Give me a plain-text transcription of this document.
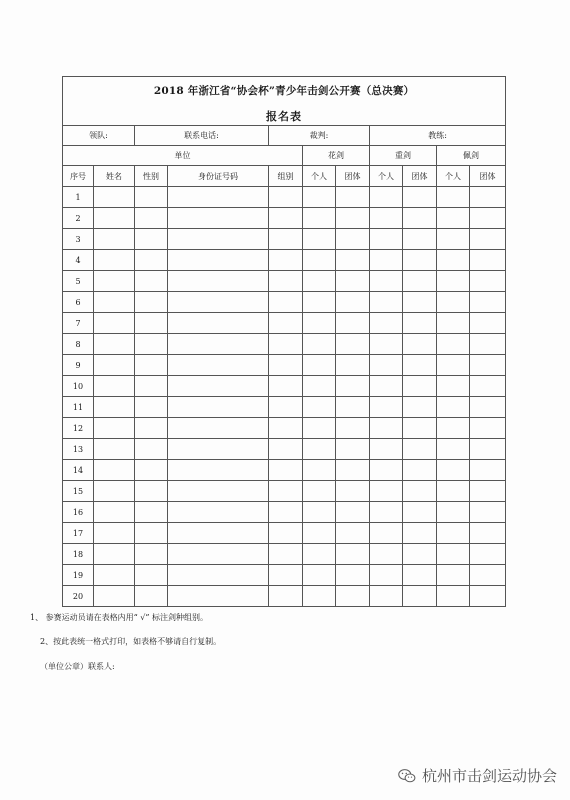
2018 年浙江省“协会杯”青少年击剑公开赛（总决赛）
报名表										

领队:		联系电话:		裁判:			教练:			
单位					花剑		重剑		佩剑	
序号	姓名	性别	身份证号码	组别	个人	团体	个人	团体	个人	团体
1										
2										
3										
4										
5										
6										
7										
8										
9										
10										
11										
12										
13										
14										
15										
16										
17										
18										
19										
20										
1、 参赛运动员请在表格内用“ √” 标注剑种组别。
2、按此表统一格式打印，如表格不够请自行复制。
（单位公章）联系人:
杭州市击剑运动协会
